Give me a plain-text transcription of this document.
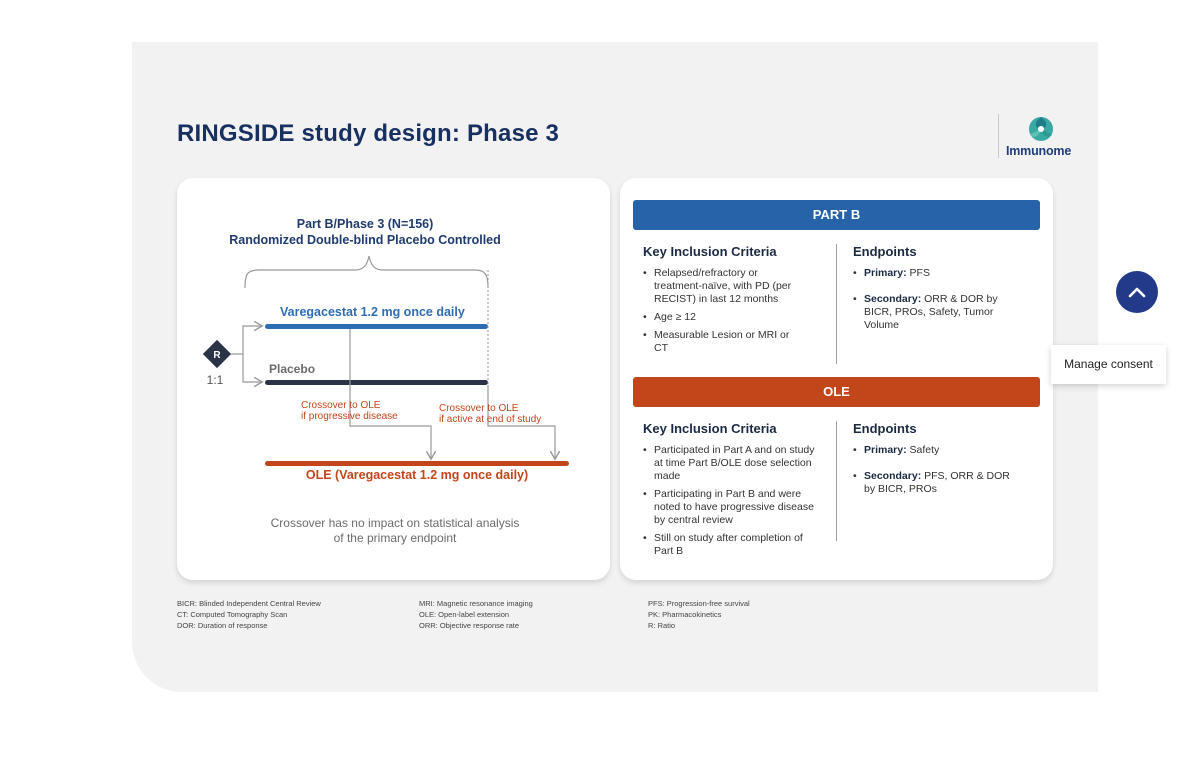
RINGSIDE study design: Phase 3
Immunome
Part B/Phase 3 (N=156)
Randomized Double-blind Placebo Controlled
R
1:1
Varegacestat 1.2 mg once daily
Placebo
Crossover to OLE
if progressive disease
Crossover to OLE
if active at end of study
OLE (Varegacestat 1.2 mg once daily)
Crossover has no impact on statistical analysis
of the primary endpoint
PART B
Key Inclusion Criteria
• Relapsed/refractory or treatment-naïve, with PD (per RECIST) in last 12 months
• Age ≥ 12
• Measurable Lesion or MRI or CT
Endpoints
• Primary: PFS
• Secondary: ORR & DOR by BICR, PROs, Safety, Tumor Volume
OLE
Key Inclusion Criteria
• Participated in Part A and on study at time Part B/OLE dose selection made
• Participating in Part B and were noted to have progressive disease by central review
• Still on study after completion of Part B
Endpoints
• Primary: Safety
• Secondary: PFS, ORR & DOR by BICR, PROs
BICR: Blinded Independent Central Review
CT: Computed Tomography Scan
DOR: Duration of response
MRI: Magnetic resonance imaging
OLE: Open-label extension
ORR: Objective response rate
PFS: Progression-free survival
PK: Pharmacokinetics
R: Ratio
Manage consent
